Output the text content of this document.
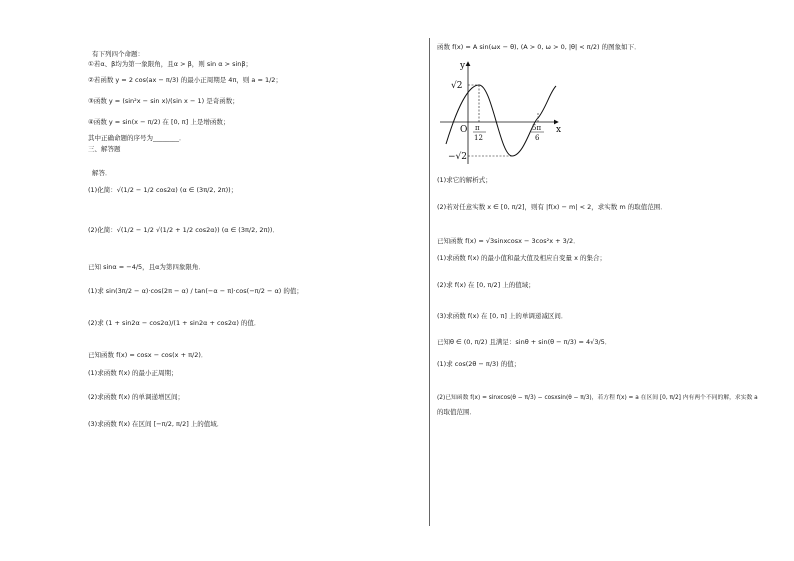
有下列四个命题：
①若α、β均为第一象限角，且α > β，则 sin α > sinβ；
②若函数 y = 2 cos(ax − π/3) 的最小正周期是 4π，则 a = 1/2；
③函数 y = (sin²x − sin x)/(sin x − 1) 是奇函数；
④函数 y = sin(x − π/2) 在 [0, π] 上是增函数；
其中正确命题的序号为________．
三、解答题
解答．
(1)化简：√(1/2 − 1/2 cos2α) (α ∈ (3π/2, 2π))；
(2)化简：√(1/2 − 1/2 √(1/2 + 1/2 cos2α)) (α ∈ (3π/2, 2π))．
已知 sinα = −4/5，且α为第四象限角．
(1)求 sin(3π/2 − α)·cos(2π − α) / tan(−α − π)·cos(−π/2 − α) 的值；
(2)求 (1 + sin2α − cos2α)/(1 + sin2α + cos2α) 的值．
已知函数 f(x) = cosx − cos(x + π/2)．
(1)求函数 f(x) 的最小正周期；
(2)求函数 f(x) 的单调递增区间；
(3)求函数 f(x) 在区间 [−π/2, π/2] 上的值域．
函数 f(x) = A sin(ωx − θ), (A > 0, ω > 0, |θ| < π/2) 的图象如下．
y
x
O
√2
−√2
π
12
5π
6
(1)求它的解析式；
(2)若对任意实数 x ∈ [0, π/2]，则有 |f(x) − m| < 2，求实数 m 的取值范围．
已知函数 f(x) = √3sinxcosx − 3cos²x + 3/2．
(1)求函数 f(x) 的最小值和最大值及相应自变量 x 的集合；
(2)求 f(x) 在 [0, π/2] 上的值域；
(3)求函数 f(x) 在 [0, π] 上的单调递减区间．
已知θ ∈ (0, π/2) 且满足：sinθ + sin(θ − π/3) = 4√3/5．
(1)求 cos(2θ − π/3) 的值；
(2)已知函数 f(x) = sinxcos(θ − π/3) − cosxsin(θ − π/3)，若方程 f(x) = a 在区间 [0, π/2] 内有两个不同的解，求实数 a
的取值范围．
